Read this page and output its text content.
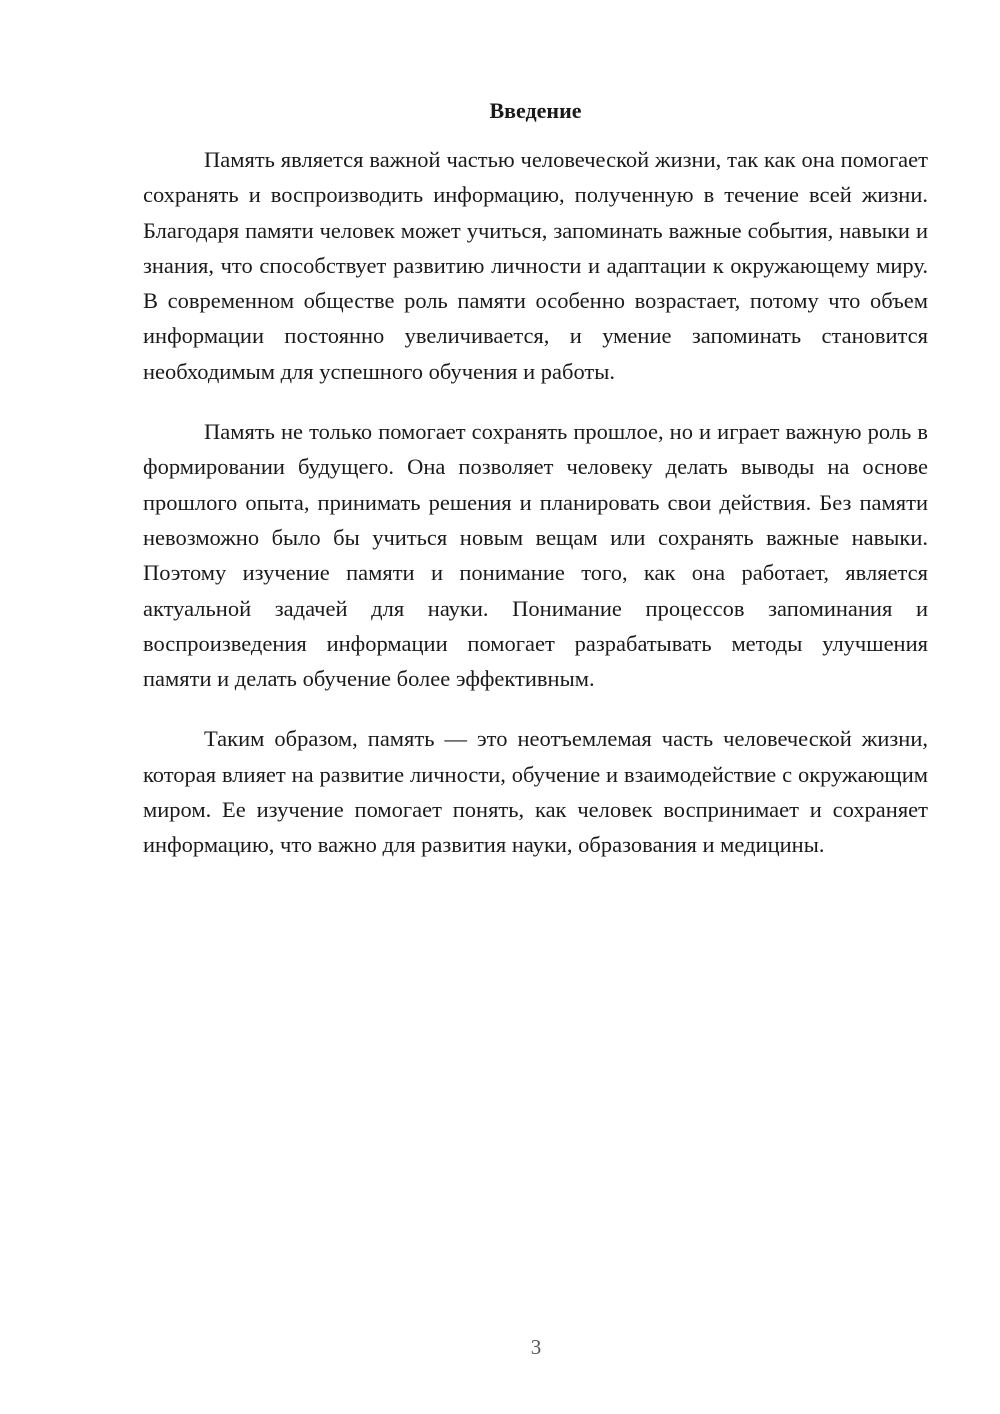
Введение

Память является важной частью человеческой жизни, так как она помогает сохранять и воспроизводить информацию, полученную в течение всей жизни. Благодаря памяти человек может учиться, запоминать важные события, навыки и знания, что способствует развитию личности и адаптации к окружающему миру. В современном обществе роль памяти особенно возрастает, потому что объем информации постоянно увеличивается, и умение запоминать становится необходимым для успешного обучения и работы.

Память не только помогает сохранять прошлое, но и играет важную роль в формировании будущего. Она позволяет человеку делать выводы на основе прошлого опыта, принимать решения и планировать свои действия. Без памяти невозможно было бы учиться новым вещам или сохранять важные навыки. Поэтому изучение памяти и понимание того, как она работает, является актуальной задачей для науки. Понимание процессов запоминания и воспроизведения информации помогает разрабатывать методы улучшения памяти и делать обучение более эффективным.

Таким образом, память — это неотъемлемая часть человеческой жизни, которая влияет на развитие личности, обучение и взаимодействие с окружающим миром. Ее изучение помогает понять, как человек воспринимает и сохраняет информацию, что важно для развития науки, образования и медицины.

3
